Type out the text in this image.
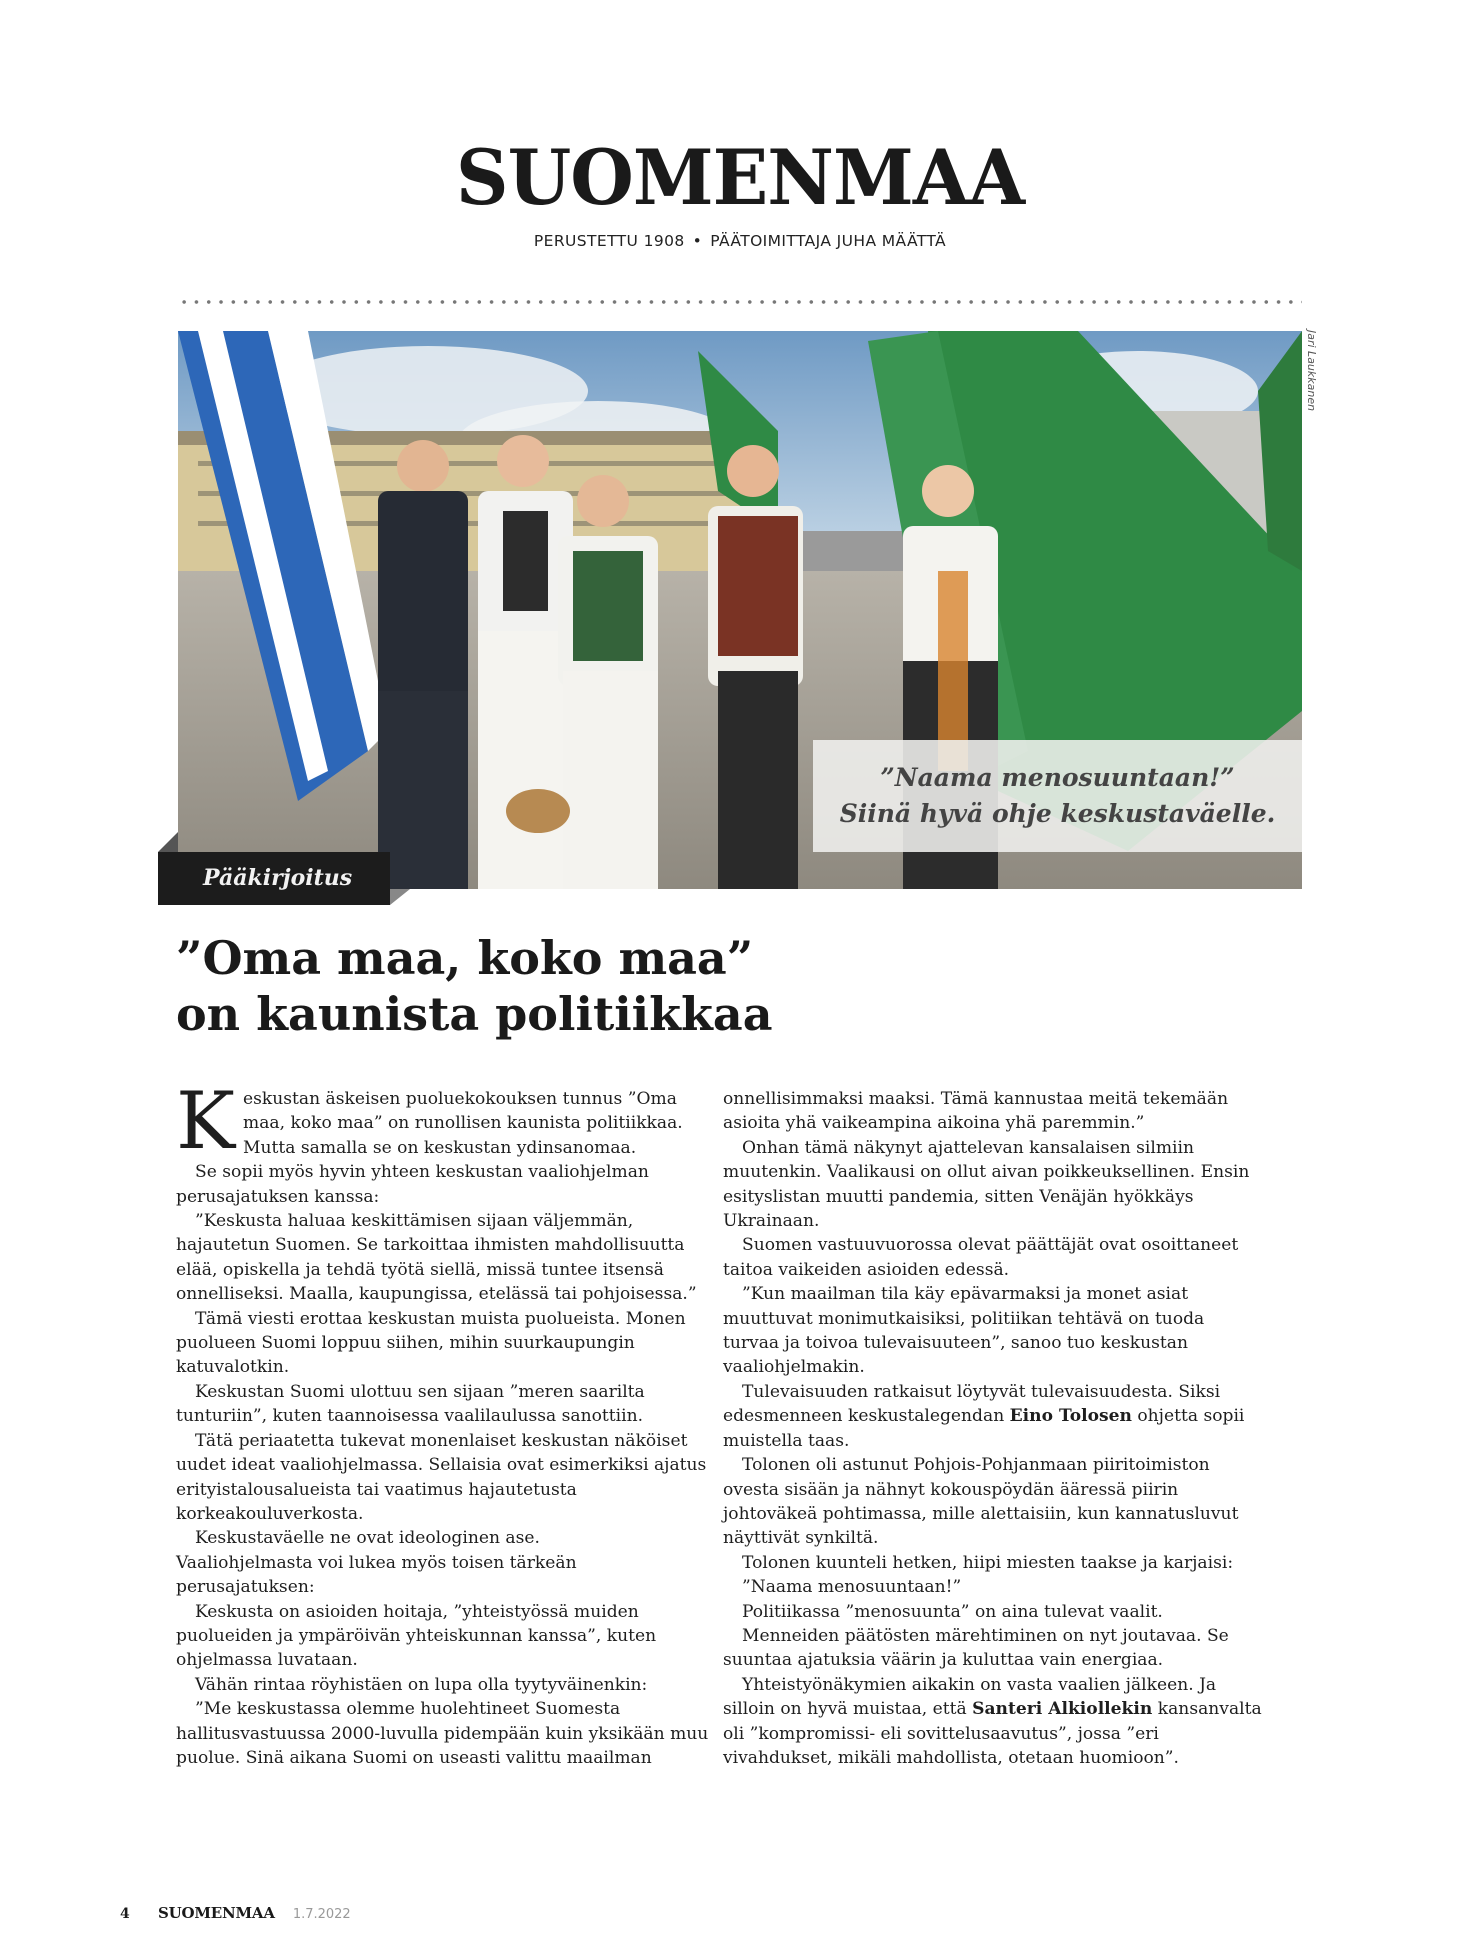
SUOMENMAA
PERUSTETTU 1908 • PÄÄTOIMITTAJA JUHA MÄÄTTÄ
Jari Laukkanen
”Naama menosuuntaan!”
Siinä hyvä ohje keskustaväelle.
Pääkirjoitus
”Oma maa, koko maa”
on kaunista politiikkaa

Keskustan äskeisen puoluekokouksen tunnus ”Oma maa, koko maa” on runollisen kaunista politiikkaa. Mutta samalla se on keskustan ydinsanomaa.

Se sopii myös hyvin yhteen keskustan vaaliohjelman perusajatuksen kanssa:

”Keskusta haluaa keskittämisen sijaan väljemmän, hajautetun Suomen. Se tarkoittaa ihmisten mahdollisuutta elää, opiskella ja tehdä työtä siellä, missä tuntee itsensä onnelliseksi. Maalla, kaupungissa, etelässä tai pohjoisessa.”

Tämä viesti erottaa keskustan muista puolueista. Monen puolueen Suomi loppuu siihen, mihin suurkaupungin katuvalotkin.

Keskustan Suomi ulottuu sen sijaan ”meren saarilta tunturiin”, kuten taannoisessa vaalilaulussa sanottiin.

Tätä periaatetta tukevat monenlaiset keskustan näköiset uudet ideat vaaliohjelmassa. Sellaisia ovat esimerkiksi ajatus erityistalousalueista tai vaatimus hajautetusta korkeakouluverkosta.

Keskustaväelle ne ovat ideologinen ase.

Vaaliohjelmasta voi lukea myös toisen tärkeän perusajatuksen:

Keskusta on asioiden hoitaja, ”yhteistyössä muiden puolueiden ja ympäröivän yhteiskunnan kanssa”, kuten ohjelmassa luvataan.

Vähän rintaa röyhistäen on lupa olla tyytyväinenkin:

”Me keskustassa olemme huolehtineet Suomesta hallitusvastuussa 2000-luvulla pidempään kuin yksikään muu puolue. Sinä aikana Suomi on useasti valittu maailman

onnellisimmaksi maaksi. Tämä kannustaa meitä tekemään asioita yhä vaikeampina aikoina yhä paremmin.”

Onhan tämä näkynyt ajattelevan kansalaisen silmiin muutenkin. Vaalikausi on ollut aivan poikkeuksellinen. Ensin esityslistan muutti pandemia, sitten Venäjän hyökkäys Ukrainaan.

Suomen vastuuvuorossa olevat päättäjät ovat osoittaneet taitoa vaikeiden asioiden edessä.

”Kun maailman tila käy epävarmaksi ja monet asiat muuttuvat monimutkaisiksi, politiikan tehtävä on tuoda turvaa ja toivoa tulevaisuuteen”, sanoo tuo keskustan vaaliohjelmakin.

Tulevaisuuden ratkaisut löytyvät tulevaisuudesta. Siksi edesmenneen keskustalegendan Eino Tolosen ohjetta sopii muistella taas.

Tolonen oli astunut Pohjois-Pohjanmaan piiritoimiston ovesta sisään ja nähnyt kokouspöydän ääressä piirin johtoväkeä pohtimassa, mille alettaisiin, kun kannatusluvut näyttivät synkiltä.

Tolonen kuunteli hetken, hiipi miesten taakse ja karjaisi:

”Naama menosuuntaan!”

Politiikassa ”menosuunta” on aina tulevat vaalit.

Menneiden päätösten märehtiminen on nyt joutavaa. Se suuntaa ajatuksia väärin ja kuluttaa vain energiaa.

Yhteistyönäkymien aikakin on vasta vaalien jälkeen. Ja silloin on hyvä muistaa, että Santeri Alkiollekin kansanvalta oli ”kompromissi- eli sovittelusaavutus”, jossa ”eri vivahdukset, mikäli mahdollista, otetaan huomioon”.

4	SUOMENMAA 1.7.2022
